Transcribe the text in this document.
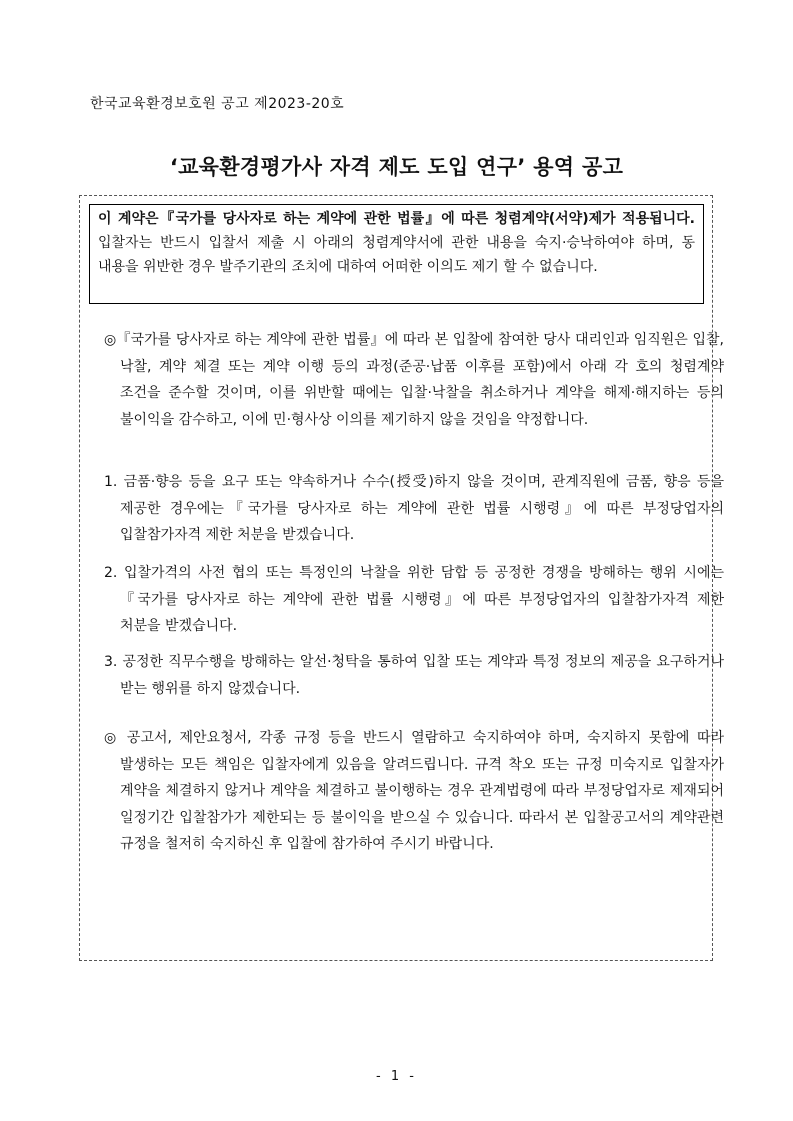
한국교육환경보호원 공고 제2023-20호
‘교육환경평가사 자격 제도 도입 연구’ 용역 공고
이 계약은『국가를 당사자로 하는 계약에 관한 법률』에 따른 청렴계약(서약)제가 적용됩니다. 입찰자는 반드시 입찰서 제출 시 아래의 청렴계약서에 관한 내용을 숙지·승낙하여야 하며, 동 내용을 위반한 경우 발주기관의 조치에 대하여 어떠한 이의도 제기 할 수 없습니다.
◎『국가를 당사자로 하는 계약에 관한 법률』에 따라 본 입찰에 참여한 당사 대리인과 임직원은 입찰, 낙찰, 계약 체결 또는 계약 이행 등의 과정(준공·납품 이후를 포함)에서 아래 각 호의 청렴계약 조건을 준수할 것이며, 이를 위반할 때에는 입찰·낙찰을 취소하거나 계약을 해제·해지하는 등의 불이익을 감수하고, 이에 민·형사상 이의를 제기하지 않을 것임을 약정합니다.
1. 금품·향응 등을 요구 또는 약속하거나 수수(授受)하지 않을 것이며, 관계직원에 금품, 향응 등을 제공한 경우에는『국가를 당사자로 하는 계약에 관한 법률 시행령』에 따른 부정당업자의 입찰참가자격 제한 처분을 받겠습니다.
2. 입찰가격의 사전 협의 또는 특정인의 낙찰을 위한 담합 등 공정한 경쟁을 방해하는 행위 시에는『국가를 당사자로 하는 계약에 관한 법률 시행령』에 따른 부정당업자의 입찰참가자격 제한 처분을 받겠습니다.
3. 공정한 직무수행을 방해하는 알선·청탁을 통하여 입찰 또는 계약과 특정 정보의 제공을 요구하거나 받는 행위를 하지 않겠습니다.
◎ 공고서, 제안요청서, 각종 규정 등을 반드시 열람하고 숙지하여야 하며, 숙지하지 못함에 따라 발생하는 모든 책임은 입찰자에게 있음을 알려드립니다. 규격 착오 또는 규정 미숙지로 입찰자가 계약을 체결하지 않거나 계약을 체결하고 불이행하는 경우 관계법령에 따라 부정당업자로 제재되어 일정기간 입찰참가가 제한되는 등 불이익을 받으실 수 있습니다. 따라서 본 입찰공고서의 계약관련 규정을 철저히 숙지하신 후 입찰에 참가하여 주시기 바랍니다.
- 1 -
